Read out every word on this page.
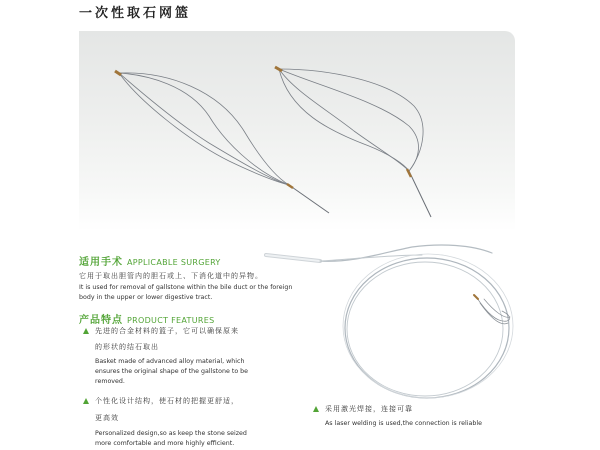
一次性取石网篮
适用手术 APPLICABLE SURGERY
它用于取出胆管内的胆石或上、下消化道中的异物。
It is used for removal of gallstone within the bile duct or the foreign body in the upper or lower digestive tract.
产品特点 PRODUCT FEATURES
先进的合金材料的篮子，它可以确保原来
的形状的结石取出
Basket made of advanced alloy material, which ensures the original shape of the gallstone to be removed.
个性化设计结构，使石材的把握更舒适，
更高效
Personalized design,so as keep the stone seized more comfortable and more highly efficient.
采用激光焊接，连接可靠
As laser welding is used,the connection is reliable
